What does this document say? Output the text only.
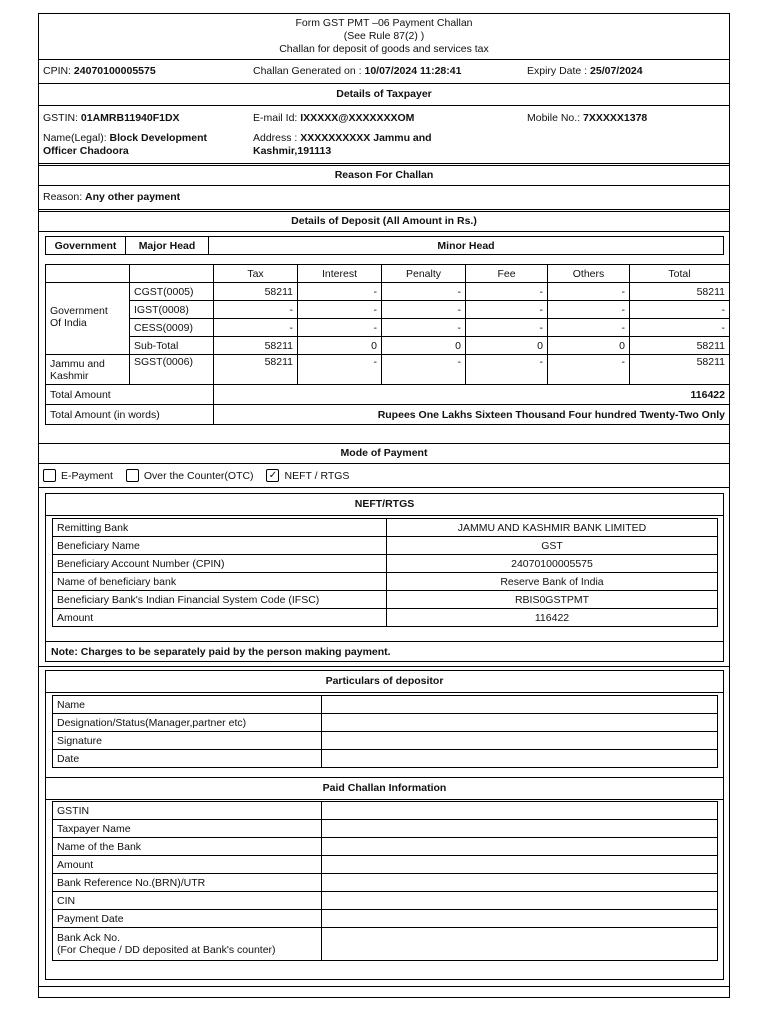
Form GST PMT –06 Payment Challan
(See Rule 87(2) )
Challan for deposit of goods and services tax
CPIN: 24070100005575	Challan Generated on : 10/07/2024 11:28:41	Expiry Date : 25/07/2024
Details of Taxpayer
GSTIN: 01AMRB11940F1DX	E-mail Id: IXXXXX@XXXXXXXOM	Mobile No.: 7XXXXX1378
Name(Legal): Block Development
Officer Chadoora
Address : XXXXXXXXXX Jammu and
Kashmir,191113
Reason For Challan
Reason: Any other payment
Details of Deposit (All Amount in Rs.)
Government	Major Head	Minor Head
		Tax	Interest	Penalty	Fee	Others	Total

Government
Of India	CGST(0005)	58211	-	-	-	-	58211
	IGST(0008)	-	-	-	-	-	-
	CESS(0009)	-	-	-	-	-	-
	Sub-Total	58211	0	0	0	0	58211

Jammu and
Kashmir	SGST(0006)	58211	-	-	-	-	58211
Total Amount		116422					
Total Amount (in words)		Rupees One Lakhs Sixteen Thousand Four hundred Twenty-Two Only					
Mode of Payment
E-Payment	Over the Counter(OTC) ✓ NEFT / RTGS
NEFT/RTGS
Remitting Bank	JAMMU AND KASHMIR BANK LIMITED
Beneficiary Name	GST
Beneficiary Account Number (CPIN)	24070100005575
Name of beneficiary bank	Reserve Bank of India
Beneficiary Bank's Indian Financial System Code (IFSC)	RBIS0GSTPMT
Amount	116422
Note: Charges to be separately paid by the person making payment.
Particulars of depositor
Name	
Designation/Status(Manager,partner etc)	
Signature	
Date	
Paid Challan Information
GSTIN	
Taxpayer Name	
Name of the Bank	
Amount	
Bank Reference No.(BRN)/UTR	
CIN	
Payment Date	

Bank Ack No.
(For Cheque / DD deposited at Bank's counter)	
